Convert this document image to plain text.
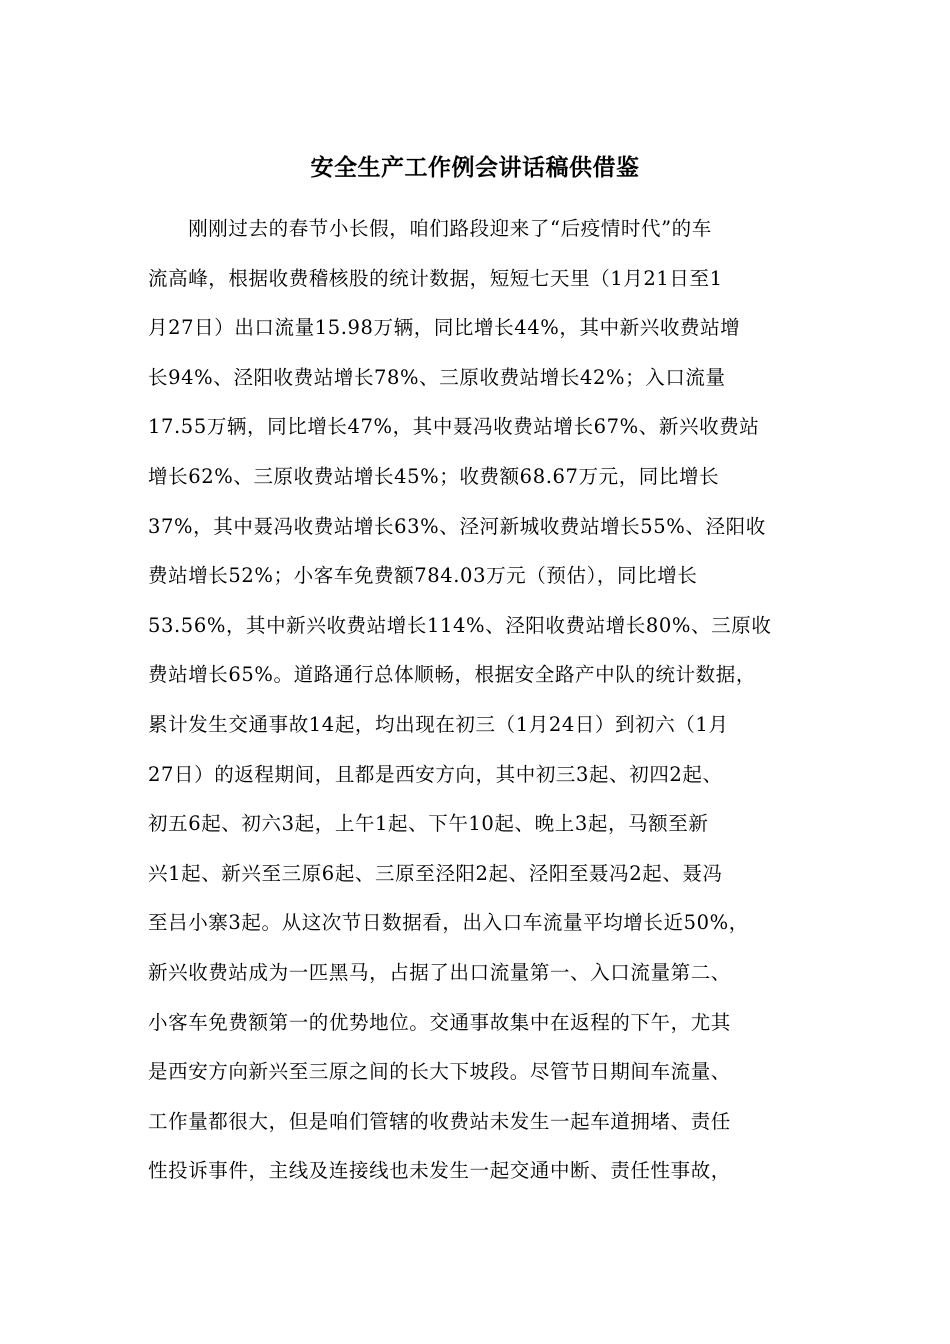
安全生产工作例会讲话稿供借鉴
　　刚刚过去的春节小长假，咱们路段迎来了“后疫情时代”的车
流高峰，根据收费稽核股的统计数据，短短七天里（1月21日至1
月27日）出口流量15.98万辆，同比增长44%，其中新兴收费站增
长94%、泾阳收费站增长78%、三原收费站增长42%；入口流量
17.55万辆，同比增长47%，其中聂冯收费站增长67%、新兴收费站
增长62%、三原收费站增长45%；收费额68.67万元，同比增长
37%，其中聂冯收费站增长63%、泾河新城收费站增长55%、泾阳收
费站增长52%；小客车免费额784.03万元（预估），同比增长
53.56%，其中新兴收费站增长114%、泾阳收费站增长80%、三原收
费站增长65%。道路通行总体顺畅，根据安全路产中队的统计数据，
累计发生交通事故14起，均出现在初三（1月24日）到初六（1月
27日）的返程期间，且都是西安方向，其中初三3起、初四2起、
初五6起、初六3起，上午1起、下午10起、晚上3起，马额至新
兴1起、新兴至三原6起、三原至泾阳2起、泾阳至聂冯2起、聂冯
至吕小寨3起。从这次节日数据看，出入口车流量平均增长近50%，
新兴收费站成为一匹黑马，占据了出口流量第一、入口流量第二、
小客车免费额第一的优势地位。交通事故集中在返程的下午，尤其
是西安方向新兴至三原之间的长大下坡段。尽管节日期间车流量、
工作量都很大，但是咱们管辖的收费站未发生一起车道拥堵、责任
性投诉事件，主线及连接线也未发生一起交通中断、责任性事故，
